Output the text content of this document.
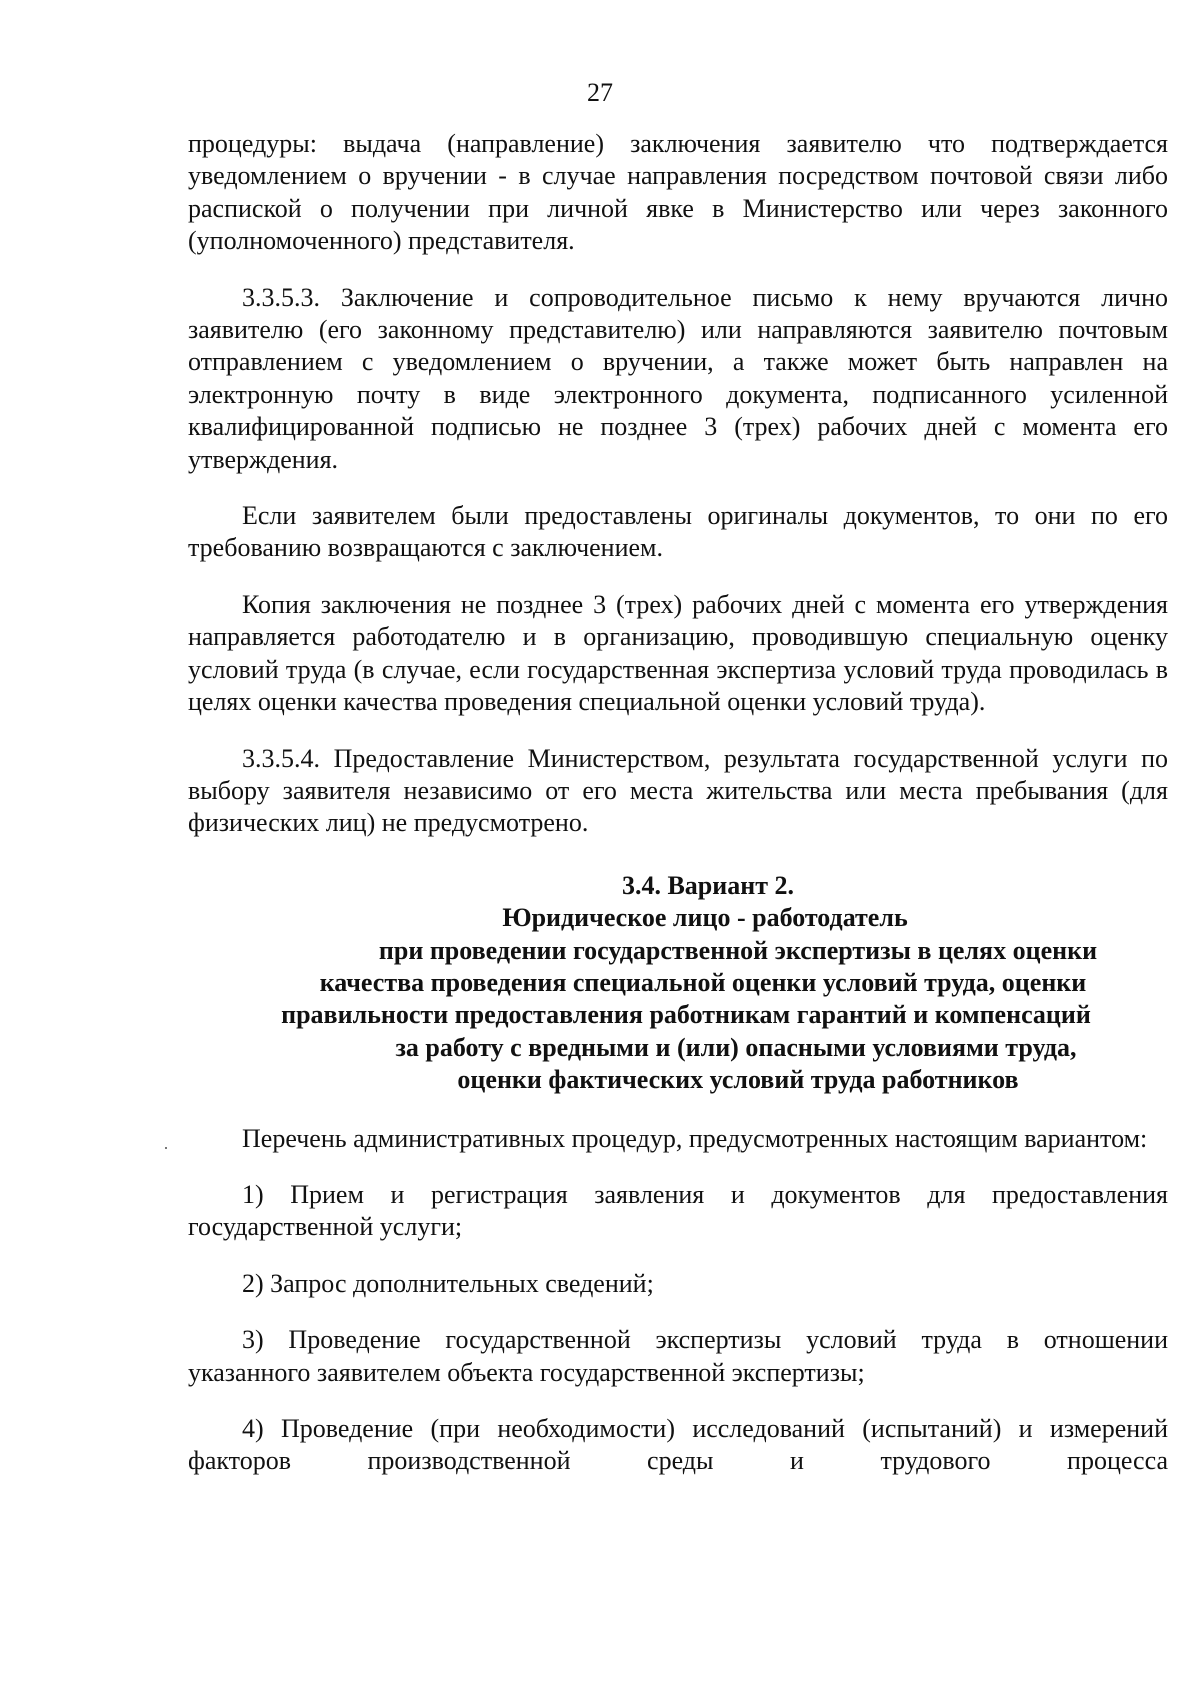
27

процедуры: выдача (направление) заключения заявителю что подтверждается уведомлением о вручении - в случае направления посредством почтовой связи либо распиской о получении при личной явке в Министерство или через законного (уполномоченного) представителя.

3.3.5.3. Заключение и сопроводительное письмо к нему вручаются лично заявителю (его законному представителю) или направляются заявителю почтовым отправлением с уведомлением о вручении, а также может быть направлен на электронную почту в виде электронного документа, подписанного усиленной квалифицированной подписью не позднее 3 (трех) рабочих дней с момента его утверждения.

Если заявителем были предоставлены оригиналы документов, то они по его требованию возвращаются с заключением.

Копия заключения не позднее 3 (трех) рабочих дней с момента его утверждения направляется работодателю и в организацию, проводившую специальную оценку условий труда (в случае, если государственная экспертиза условий труда проводилась в целях оценки качества проведения специальной оценки условий труда).

3.3.5.4. Предоставление Министерством, результата государственной услуги по выбору заявителя независимо от его места жительства или места пребывания (для физических лиц) не предусмотрено.

3.4. Вариант 2.
Юридическое лицо - работодатель
при проведении государственной экспертизы в целях оценки
качества проведения специальной оценки условий труда, оценки
правильности предоставления работникам гарантий и компенсаций
за работу с вредными и (или) опасными условиями труда,
оценки фактических условий труда работников

Перечень административных процедур, предусмотренных настоящим вариантом:

1) Прием и регистрация заявления и документов для предоставления государственной услуги;

2) Запрос дополнительных сведений;

3) Проведение государственной экспертизы условий труда в отношении указанного заявителем объекта государственной экспертизы;

4) Проведение (при необходимости) исследований (испытаний) и измерений факторов производственной среды и трудового процесса
